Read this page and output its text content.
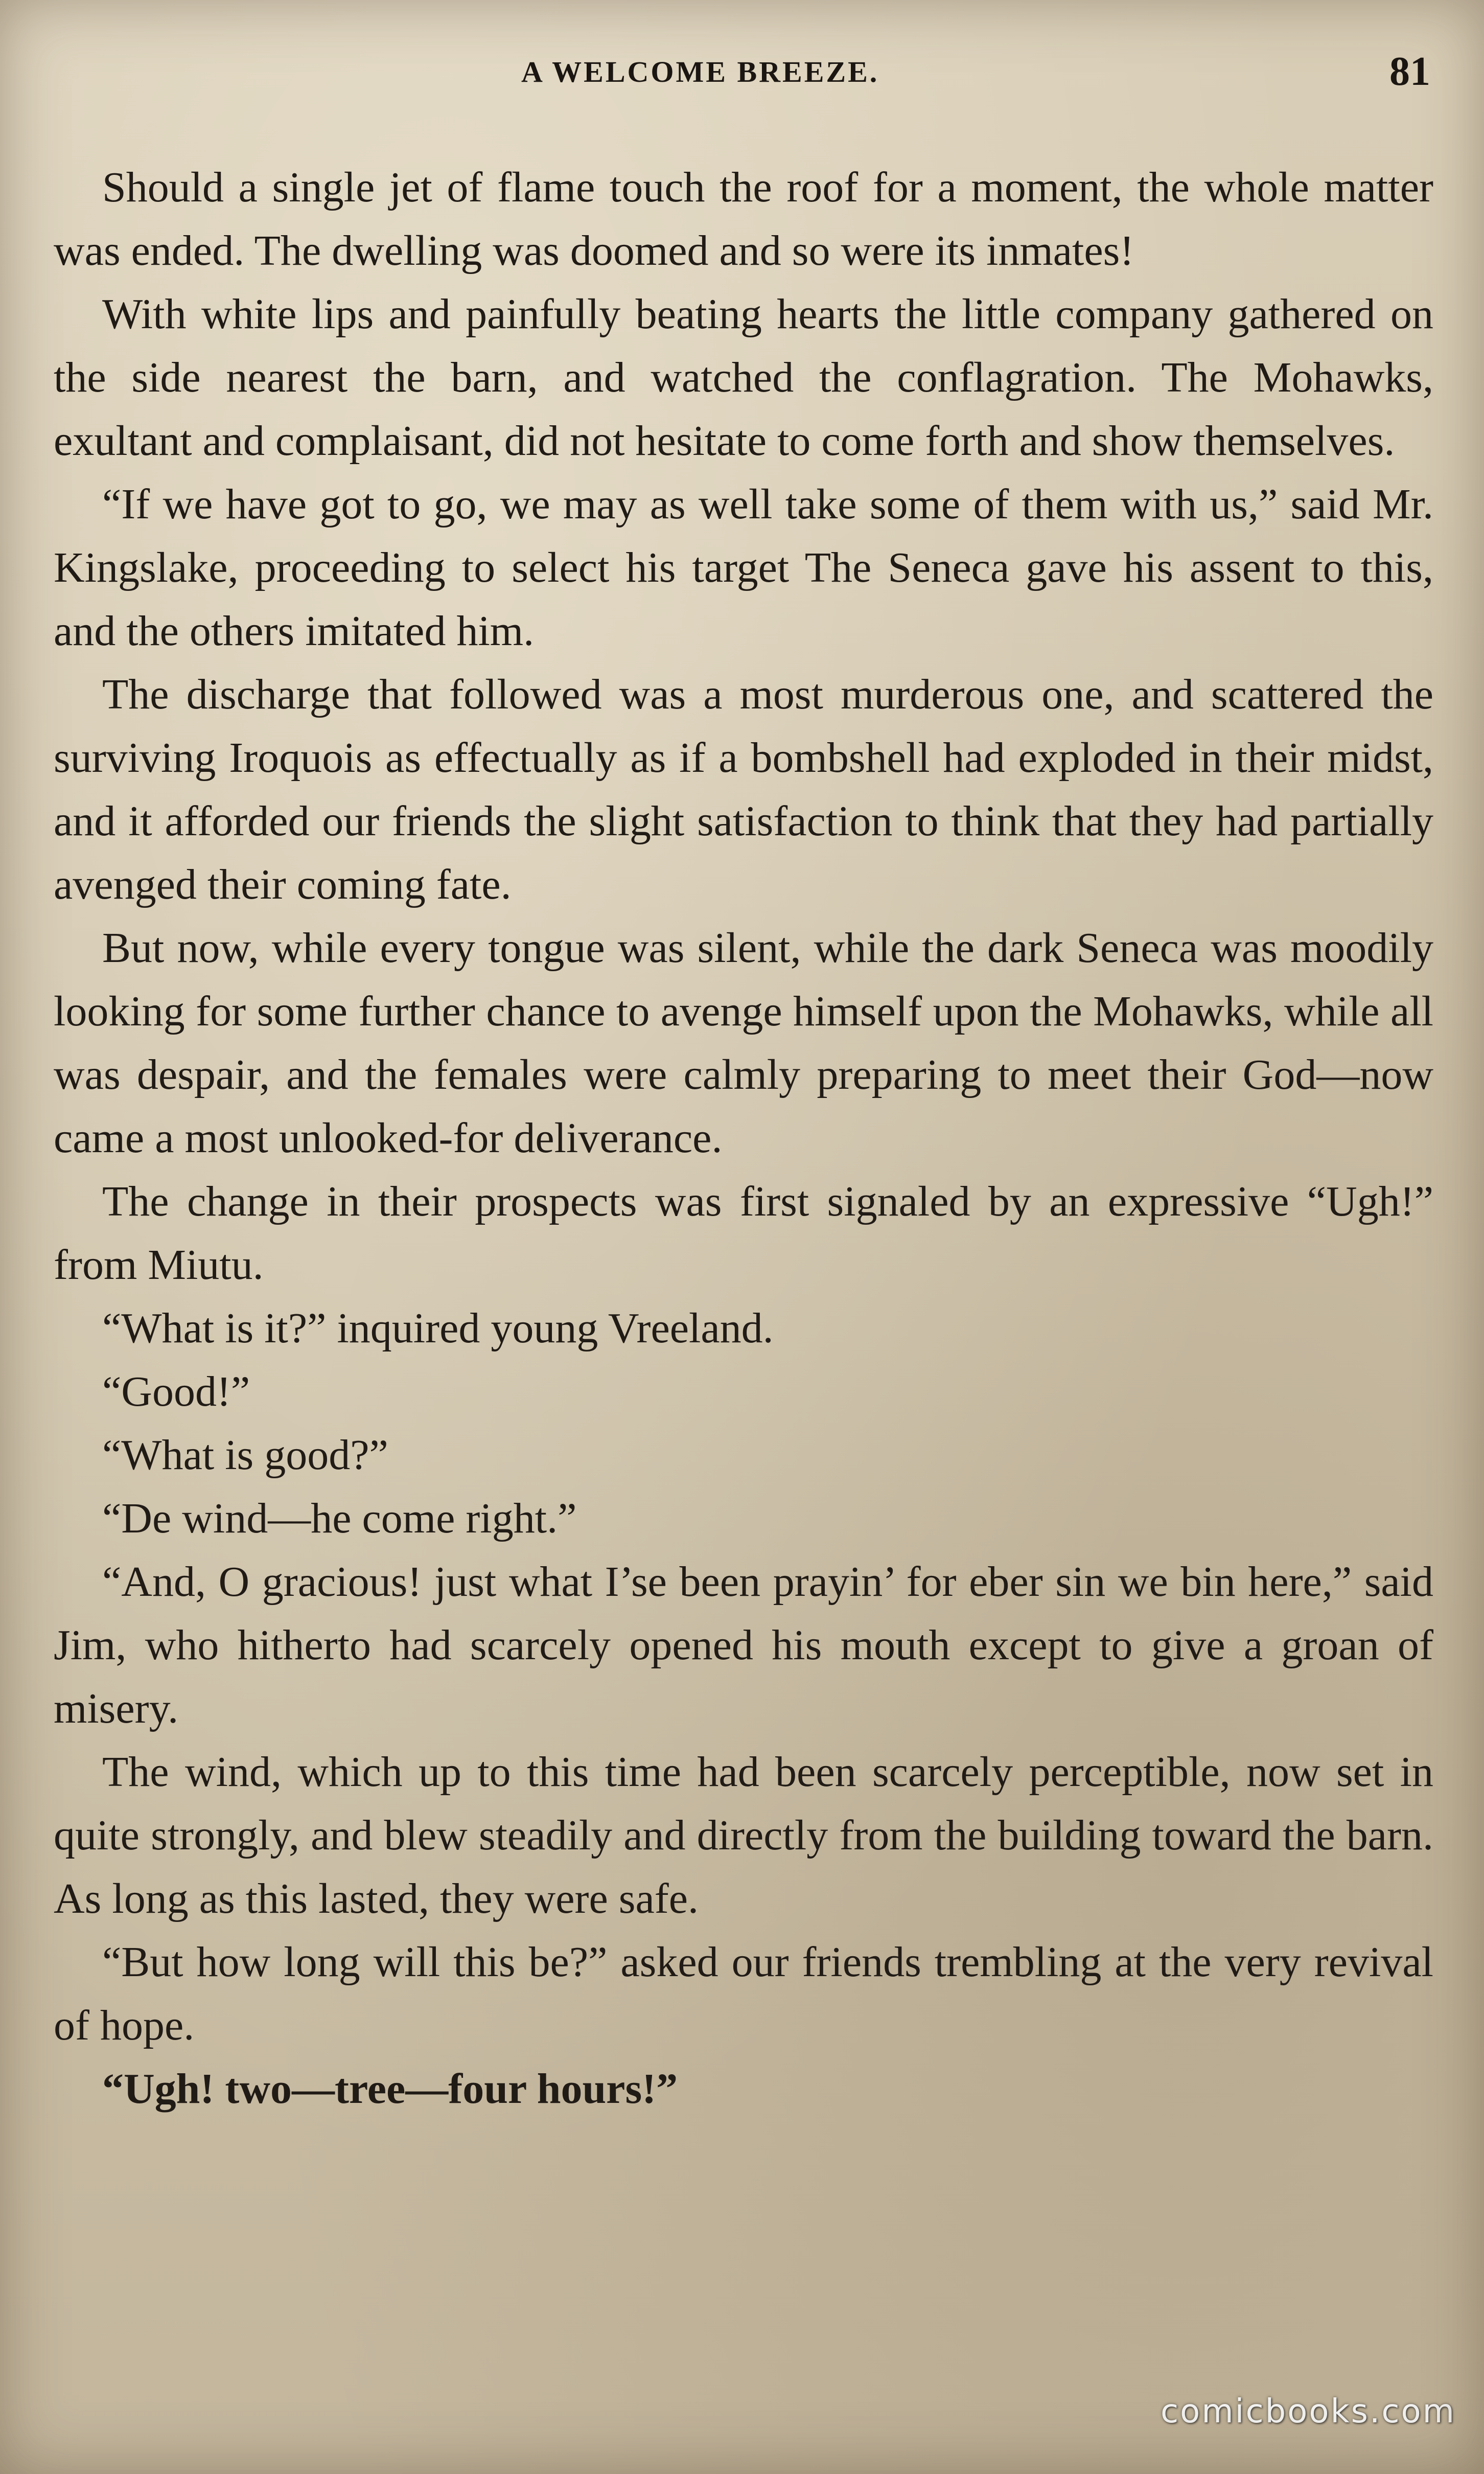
A WELCOME BREEZE.	81

Should a single jet of flame touch the roof for a moment, the whole matter was ended. The dwelling was doomed and so were its inmates!

With white lips and painfully beating hearts the little company gathered on the side nearest the barn, and watched the conflagration. The Mohawks, exultant and complaisant, did not hesitate to come forth and show themselves.

“If we have got to go, we may as well take some of them with us,” said Mr. Kingslake, proceeding to select his target The Seneca gave his assent to this, and the others imitated him.

The discharge that followed was a most murderous one, and scattered the surviving Iroquois as effectually as if a bombshell had exploded in their midst, and it afforded our friends the slight satisfaction to think that they had partially avenged their coming fate.

But now, while every tongue was silent, while the dark Seneca was moodily looking for some further chance to avenge himself upon the Mohawks, while all was despair, and the females were calmly preparing to meet their God—now came a most unlooked-for deliverance.

The change in their prospects was first signaled by an expressive “Ugh!” from Miutu.

“What is it?” inquired young Vreeland.

“Good!”

“What is good?”

“De wind—he come right.”

“And, O gracious! just what I’se been prayin’ for eber sin we bin here,” said Jim, who hitherto had scarcely opened his mouth except to give a groan of misery.

The wind, which up to this time had been scarcely perceptible, now set in quite strongly, and blew steadily and directly from the building toward the barn. As long as this lasted, they were safe.

“But how long will this be?” asked our friends trembling at the very revival of hope.

“Ugh! two—tree—four hours!”

comicbooks.com
